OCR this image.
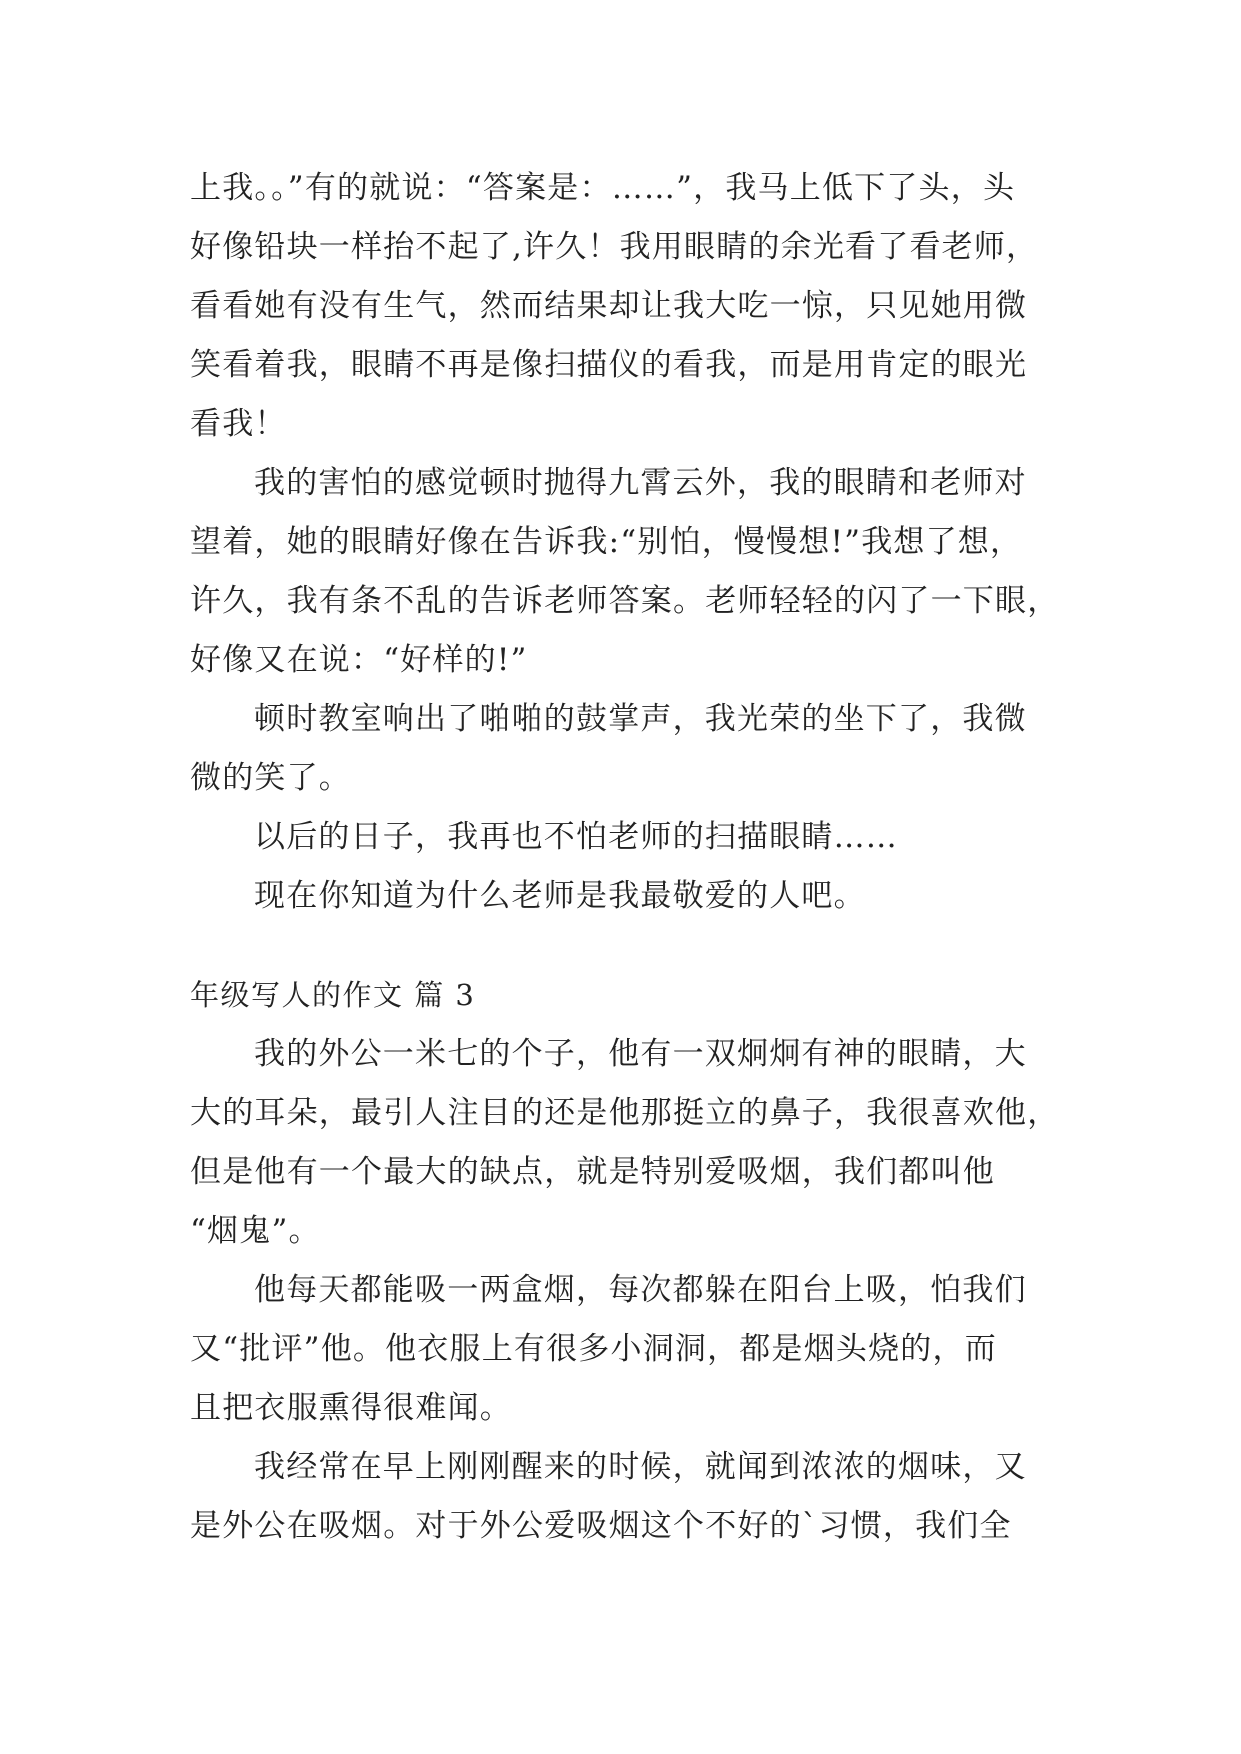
上我。。”有的就说：“答案是：……”，我马上低下了头，头
好像铅块一样抬不起了,许久！我用眼睛的余光看了看老师，
看看她有没有生气，然而结果却让我大吃一惊，只见她用微
笑看着我，眼睛不再是像扫描仪的看我，而是用肯定的眼光
看我！
我的害怕的感觉顿时抛得九霄云外，我的眼睛和老师对
望着，她的眼睛好像在告诉我:“别怕，慢慢想!”我想了想，
许久，我有条不乱的告诉老师答案。老师轻轻的闪了一下眼，
好像又在说：“好样的!”
顿时教室响出了啪啪的鼓掌声，我光荣的坐下了，我微
微的笑了。
以后的日子，我再也不怕老师的扫描眼睛……
现在你知道为什么老师是我最敬爱的人吧。
年级写人的作文 篇 3
我的外公一米七的个子，他有一双炯炯有神的眼睛，大
大的耳朵，最引人注目的还是他那挺立的鼻子，我很喜欢他，
但是他有一个最大的缺点，就是特别爱吸烟，我们都叫他
“烟鬼”。
他每天都能吸一两盒烟，每次都躲在阳台上吸，怕我们
又“批评”他。他衣服上有很多小洞洞，都是烟头烧的，而
且把衣服熏得很难闻。
我经常在早上刚刚醒来的时候，就闻到浓浓的烟味，又
是外公在吸烟。对于外公爱吸烟这个不好的`习惯，我们全
